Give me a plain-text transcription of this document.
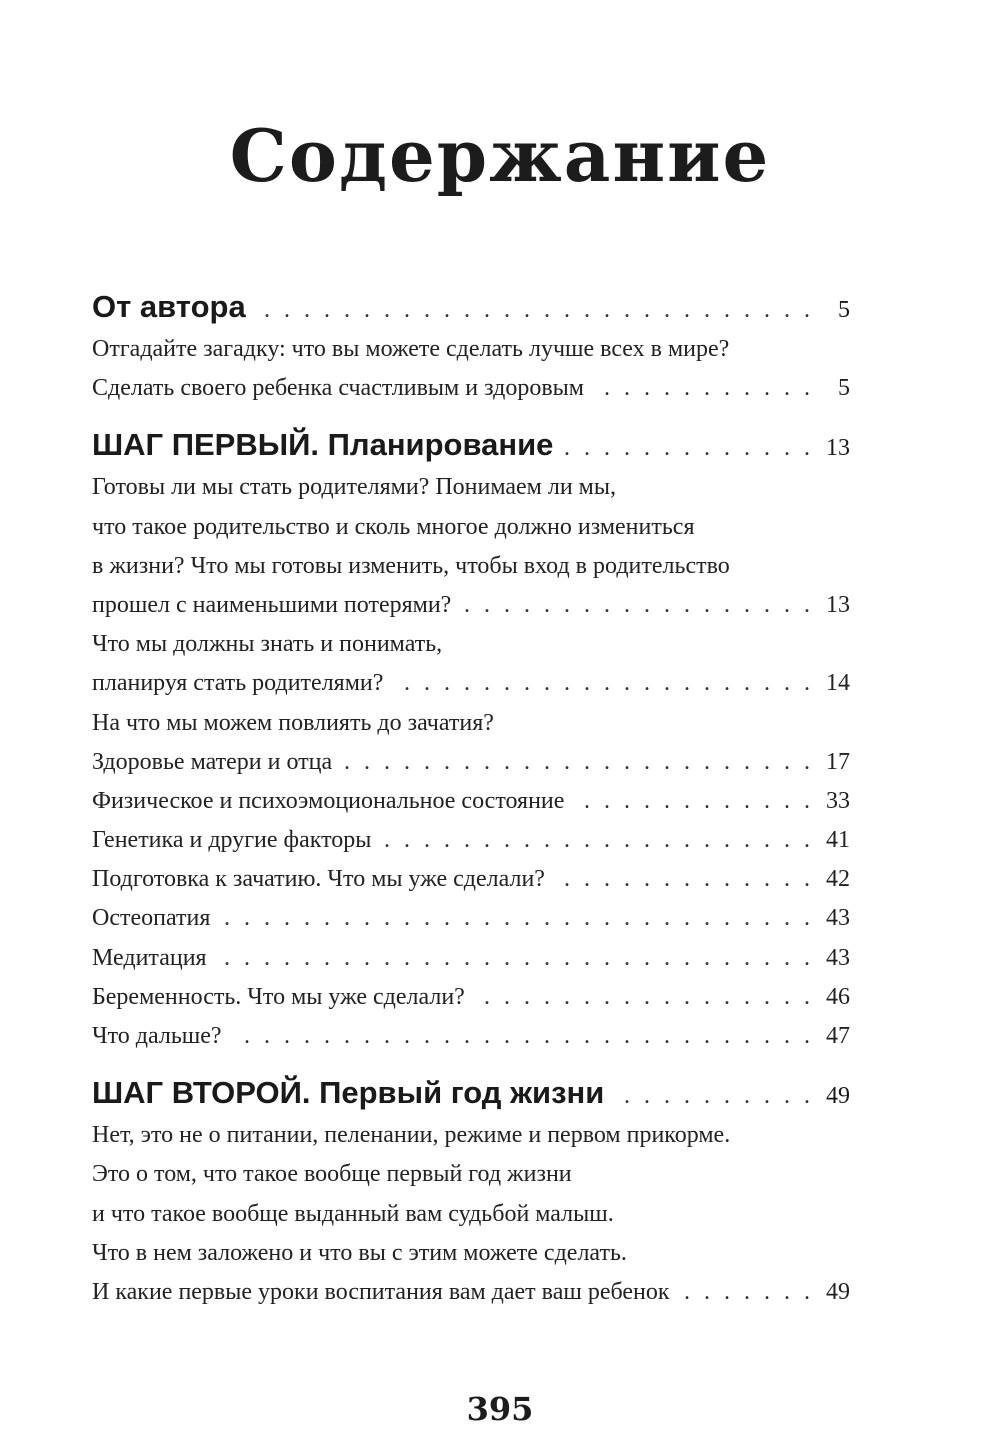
Содержание
От автора . . .	5
Отгадайте загадку: что вы можете сделать лучше всех в мире?
Сделать своего ребенка счастливым и здоровым . . .	5
ШАГ ПЕРВЫЙ. Планирование . . .	13
Готовы ли мы стать родителями? Понимаем ли мы,
что такое родительство и сколь многое должно измениться
в жизни? Что мы готовы изменить, чтобы вход в родительство
прошел с наименьшими потерями? . . .	13
Что мы должны знать и понимать,
планируя стать родителями? . . .	14
На что мы можем повлиять до зачатия?
Здоровье матери и отца . . .	17
Физическое и психоэмоциональное состояние . . .	33
Генетика и другие факторы . . .	41
Подготовка к зачатию. Что мы уже сделали? . . .	42
Остеопатия . . .	43
Медитация . . .	43
Беременность. Что мы уже сделали? . . .	46
Что дальше? . . .	47
ШАГ ВТОРОЙ. Первый год жизни . . .	49
Нет, это не о питании, пеленании, режиме и первом прикорме.
Это о том, что такое вообще первый год жизни
и что такое вообще выданный вам судьбой малыш.
Что в нем заложено и что вы с этим можете сделать.
И какие первые уроки воспитания вам дает ваш ребенок . . .	49
395
